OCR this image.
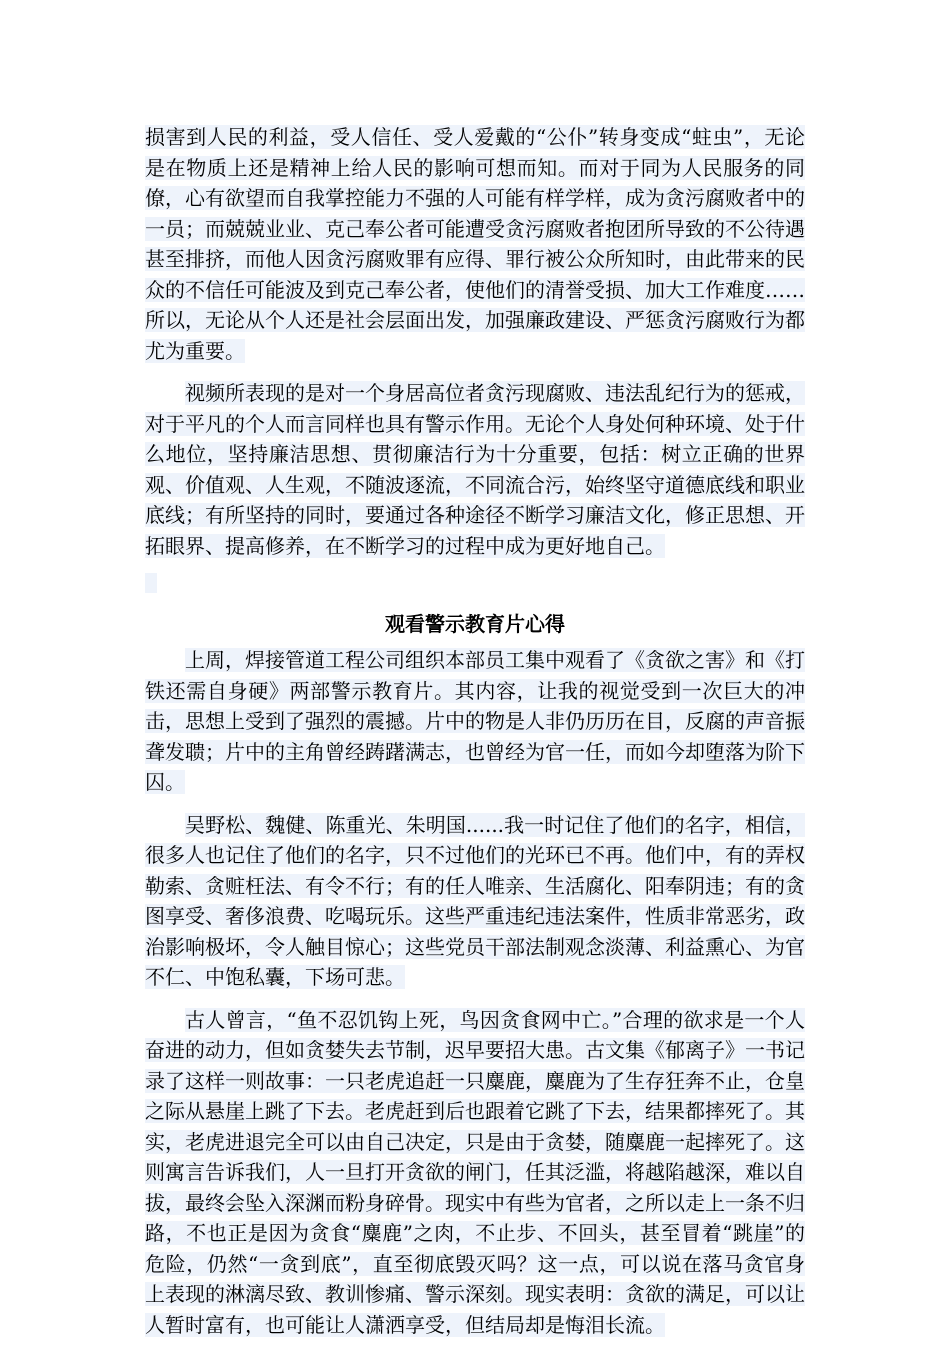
损害到人民的利益，受人信任、受人爱戴的“公仆”转身变成“蛀虫”，无论是在物质上还是精神上给人民的影响可想而知。而对于同为人民服务的同僚，心有欲望而自我掌控能力不强的人可能有样学样，成为贪污腐败者中的一员；而兢兢业业、克己奉公者可能遭受贪污腐败者抱团所导致的不公待遇甚至排挤，而他人因贪污腐败罪有应得、罪行被公众所知时，由此带来的民众的不信任可能波及到克己奉公者，使他们的清誉受损、加大工作难度……所以，无论从个人还是社会层面出发，加强廉政建设、严惩贪污腐败行为都尤为重要。

视频所表现的是对一个身居高位者贪污现腐败、违法乱纪行为的惩戒，对于平凡的个人而言同样也具有警示作用。无论个人身处何种环境、处于什么地位，坚持廉洁思想、贯彻廉洁行为十分重要，包括：树立正确的世界观、价值观、人生观，不随波逐流，不同流合污，始终坚守道德底线和职业底线；有所坚持的同时，要通过各种途径不断学习廉洁文化，修正思想、开拓眼界、提高修养，在不断学习的过程中成为更好地自己。

观看警示教育片心得

上周，焊接管道工程公司组织本部员工集中观看了《贪欲之害》和《打铁还需自身硬》两部警示教育片。其内容，让我的视觉受到一次巨大的冲击，思想上受到了强烈的震撼。片中的物是人非仍历历在目，反腐的声音振聋发聩；片中的主角曾经踌躇满志，也曾经为官一任，而如今却堕落为阶下囚。

吴野松、魏健、陈重光、朱明国......我一时记住了他们的名字，相信，很多人也记住了他们的名字，只不过他们的光环已不再。他们中，有的弄权勒索、贪赃枉法、有令不行；有的任人唯亲、生活腐化、阳奉阴违；有的贪图享受、奢侈浪费、吃喝玩乐。这些严重违纪违法案件，性质非常恶劣，政治影响极坏，令人触目惊心；这些党员干部法制观念淡薄、利益熏心、为官不仁、中饱私囊，下场可悲。

古人曾言，“鱼不忍饥钩上死，鸟因贪食网中亡。”合理的欲求是一个人奋进的动力，但如贪婪失去节制，迟早要招大患。古文集《郁离子》一书记录了这样一则故事：一只老虎追赶一只麋鹿，麋鹿为了生存狂奔不止，仓皇之际从悬崖上跳了下去。老虎赶到后也跟着它跳了下去，结果都摔死了。其实，老虎进退完全可以由自己决定，只是由于贪婪，随麋鹿一起摔死了。这则寓言告诉我们，人一旦打开贪欲的闸门，任其泛滥，将越陷越深，难以自拔，最终会坠入深渊而粉身碎骨。现实中有些为官者，之所以走上一条不归路，不也正是因为贪食“麋鹿”之肉，不止步、不回头，甚至冒着“跳崖”的危险，仍然“一贪到底”，直至彻底毁灭吗？这一点，可以说在落马贪官身上表现的淋漓尽致、教训惨痛、警示深刻。现实表明：贪欲的满足，可以让人暂时富有，也可能让人潇洒享受，但结局却是悔泪长流。
